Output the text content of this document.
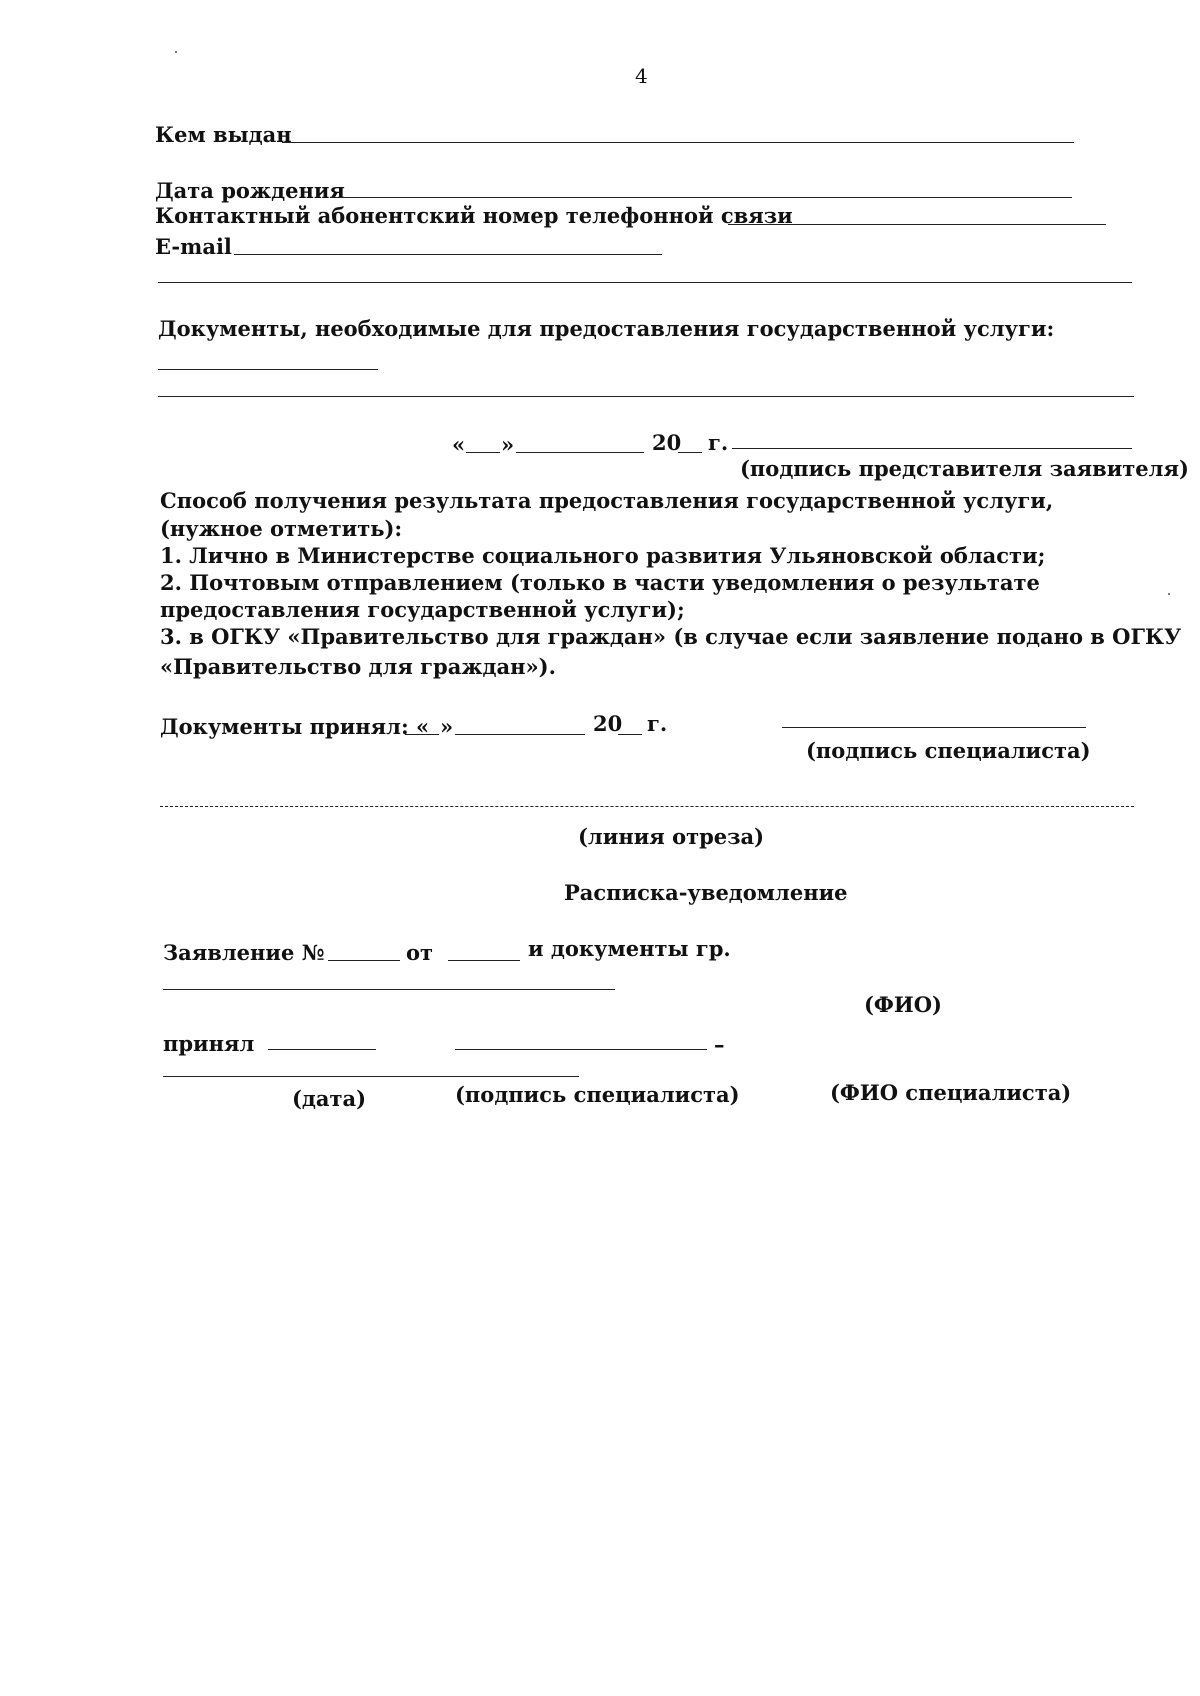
4
Кем выдан
Дата рождения
Контактный абонентский номер телефонной связи
E-mail
Документы, необходимые для предоставления государственной услуги:
« »	20 г.
(подпись представителя заявителя)
Способ получения результата предоставления государственной услуги,
(нужное отметить):
1. Лично в Министерстве социального развития Ульяновской области;
2. Почтовым отправлением (только в части уведомления о результате
предоставления государственной услуги);
3. в ОГКУ «Правительство для граждан» (в случае если заявление подано в ОГКУ
«Правительство для граждан»).
Документы принял: « »	20 г.
(подпись специалиста)
(линия отреза)
Расписка-уведомление
Заявление №	от	и документы гр.
(ФИО)
принял	–
(дата)	(подпись специалиста)	(ФИО специалиста)
